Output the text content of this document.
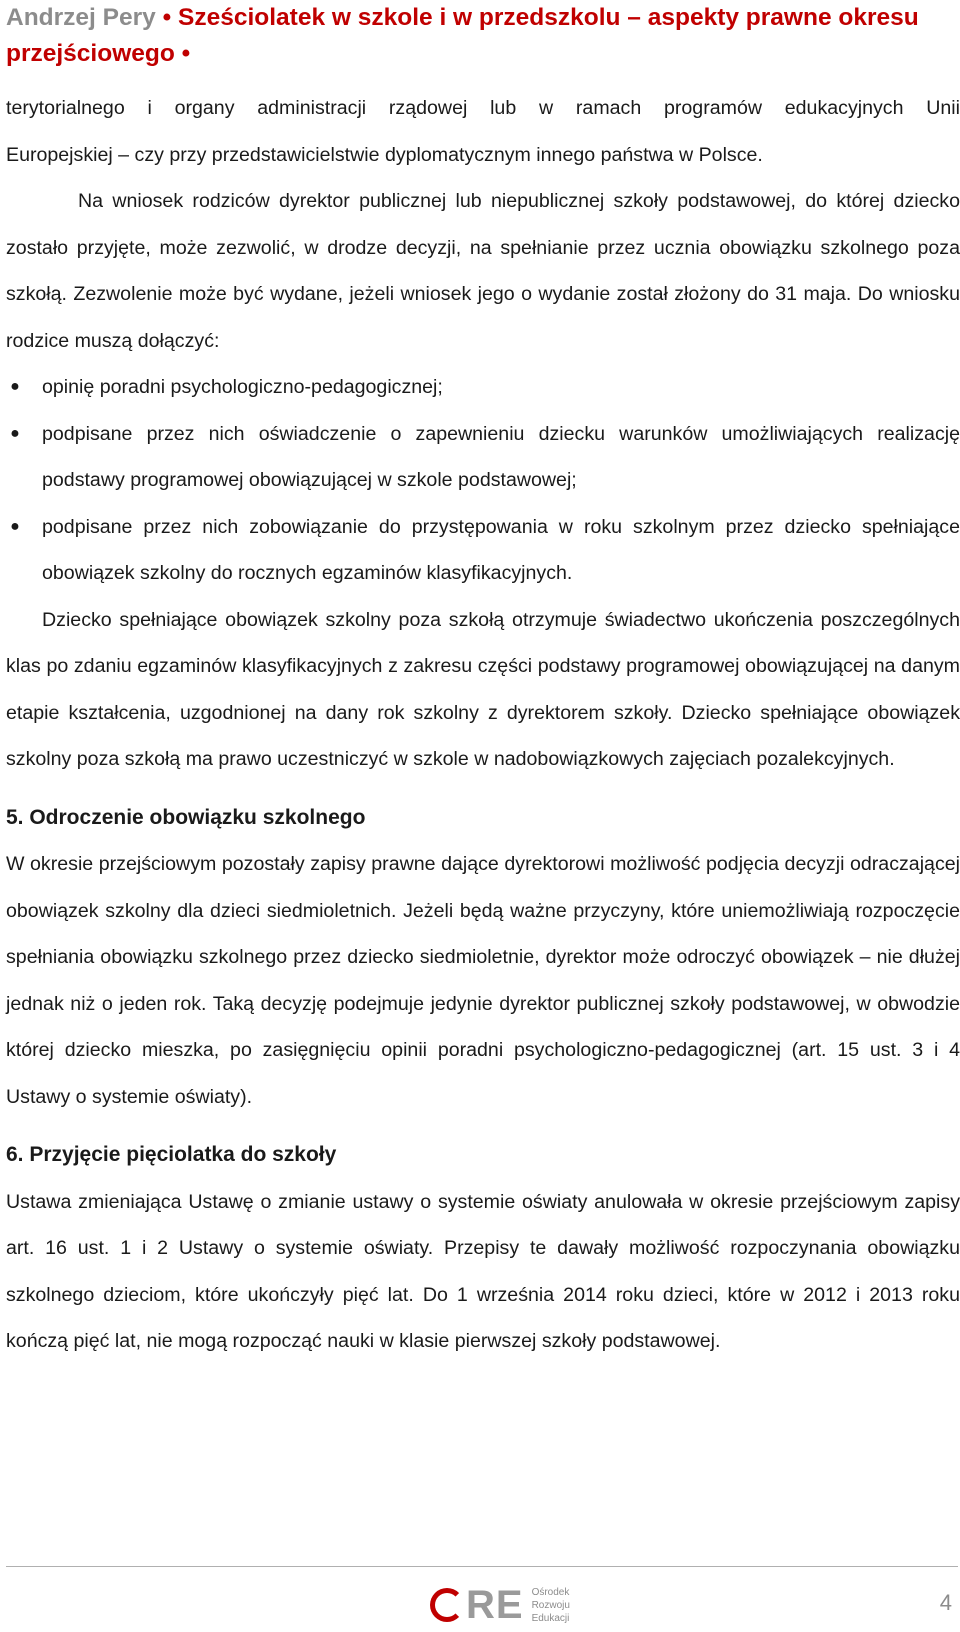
Andrzej Pery • Sześciolatek w szkole i w przedszkolu – aspekty prawne okresu
przejściowego •

terytorialnego i organy administracji rządowej lub w ramach programów edukacyjnych Unii

Europejskiej – czy przy przedstawicielstwie dyplomatycznym innego państwa w Polsce.

Na wniosek rodziców dyrektor publicznej lub niepublicznej szkoły podstawowej, do której dziecko zostało przyjęte, może zezwolić, w drodze decyzji, na spełnianie przez ucznia obowiązku szkolnego poza szkołą. Zezwolenie może być wydane, jeżeli wniosek jego o wydanie został złożony do 31 maja. Do wniosku rodzice muszą dołączyć:

● opinię poradni psychologiczno-pedagogicznej;
● podpisane przez nich oświadczenie o zapewnieniu dziecku warunków umożliwiających realizację podstawy programowej obowiązującej w szkole podstawowej;
● podpisane przez nich zobowiązanie do przystępowania w roku szkolnym przez dziecko spełniające obowiązek szkolny do rocznych egzaminów klasyfikacyjnych.

Dziecko spełniające obowiązek szkolny poza szkołą otrzymuje świadectwo ukończenia poszczególnych klas po zdaniu egzaminów klasyfikacyjnych z zakresu części podstawy programowej obowiązującej na danym etapie kształcenia, uzgodnionej na dany rok szkolny z dyrektorem szkoły. Dziecko spełniające obowiązek szkolny poza szkołą ma prawo uczestniczyć w szkole w nadobowiązkowych zajęciach pozalekcyjnych.

5. Odroczenie obowiązku szkolnego

W okresie przejściowym pozostały zapisy prawne dające dyrektorowi możliwość podjęcia decyzji odraczającej obowiązek szkolny dla dzieci siedmioletnich. Jeżeli będą ważne przyczyny, które uniemożliwiają rozpoczęcie spełniania obowiązku szkolnego przez dziecko siedmioletnie, dyrektor może odroczyć obowiązek – nie dłużej jednak niż o jeden rok. Taką decyzję podejmuje jedynie dyrektor publicznej szkoły podstawowej, w obwodzie której dziecko mieszka, po zasięgnięciu opinii poradni psychologiczno-pedagogicznej (art. 15 ust. 3 i 4 Ustawy o systemie oświaty).

6. Przyjęcie pięciolatka do szkoły

Ustawa zmieniająca Ustawę o zmianie ustawy o systemie oświaty anulowała w okresie przejściowym zapisy art. 16 ust. 1 i 2 Ustawy o systemie oświaty. Przepisy te dawały możliwość rozpoczynania obowiązku szkolnego dzieciom, które ukończyły pięć lat. Do 1 września 2014 roku dzieci, które w 2012 i 2013 roku kończą pięć lat, nie mogą rozpocząć nauki w klasie pierwszej szkoły podstawowej.

RE Ośrodek
Rozwoju
Edukacji
4
